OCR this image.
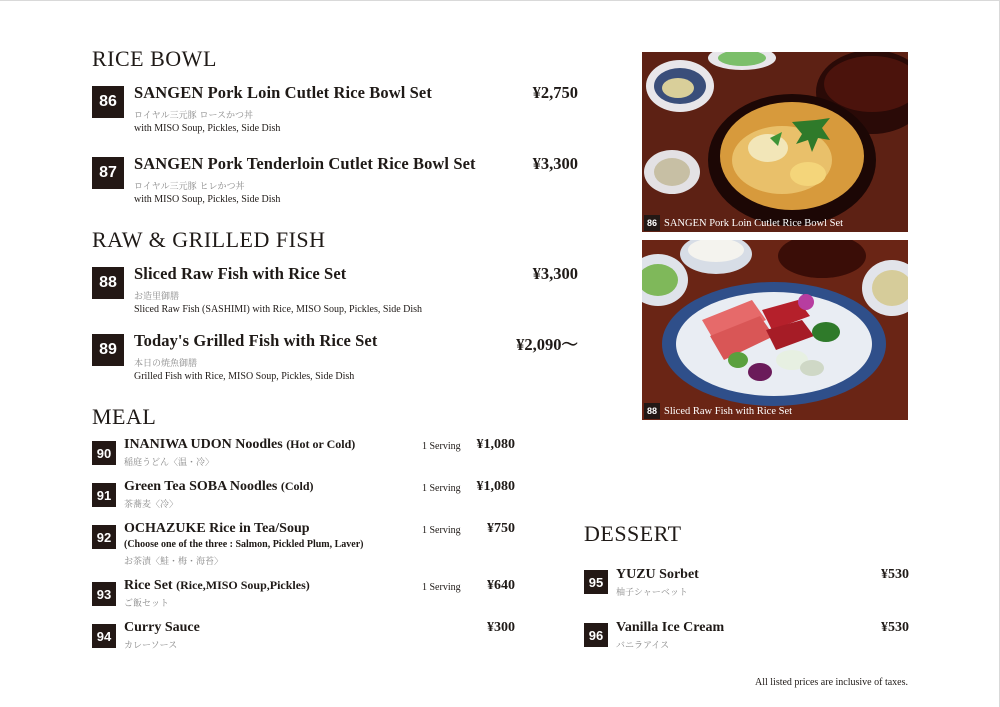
RICE BOWL
86	SANGEN Pork Loin Cutlet Rice Bowl Set
ロイヤル三元豚 ロースかつ丼
with MISO Soup, Pickles, Side Dish
¥2,750
87	SANGEN Pork Tenderloin Cutlet Rice Bowl Set
ロイヤル三元豚 ヒレかつ丼
with MISO Soup, Pickles, Side Dish
¥3,300
RAW & GRILLED FISH
88	Sliced Raw Fish with Rice Set
お造里御膳
Sliced Raw Fish (SASHIMI) with Rice, MISO Soup, Pickles, Side Dish
¥3,300
89	Today's Grilled Fish with Rice Set
本日の焼魚御膳
Grilled Fish with Rice, MISO Soup, Pickles, Side Dish
¥2,090～
MEAL
90
INANIWA UDON Noodles (Hot or Cold)
稲庭うどん〈温・冷〉
1 Serving	¥1,080
91
Green Tea SOBA Noodles (Cold)
茶蕎麦〈冷〉
1 Serving	¥1,080
92
OCHAZUKE Rice in Tea/Soup
(Choose one of the three : Salmon, Pickled Plum, Laver)
お茶漬〈鮭・梅・海苔〉
1 Serving	¥750
93
Rice Set (Rice,MISO Soup,Pickles)
ご飯セット
1 Serving	¥640
94
Curry Sauce
カレーソース
¥300
DESSERT
95 YUZU Sorbet
柚子シャーベット
¥530
96 Vanilla Ice Cream
バニラアイス
¥530
86 SANGEN Pork Loin Cutlet Rice Bowl Set
88 Sliced Raw Fish with Rice Set
All listed prices are inclusive of taxes.
